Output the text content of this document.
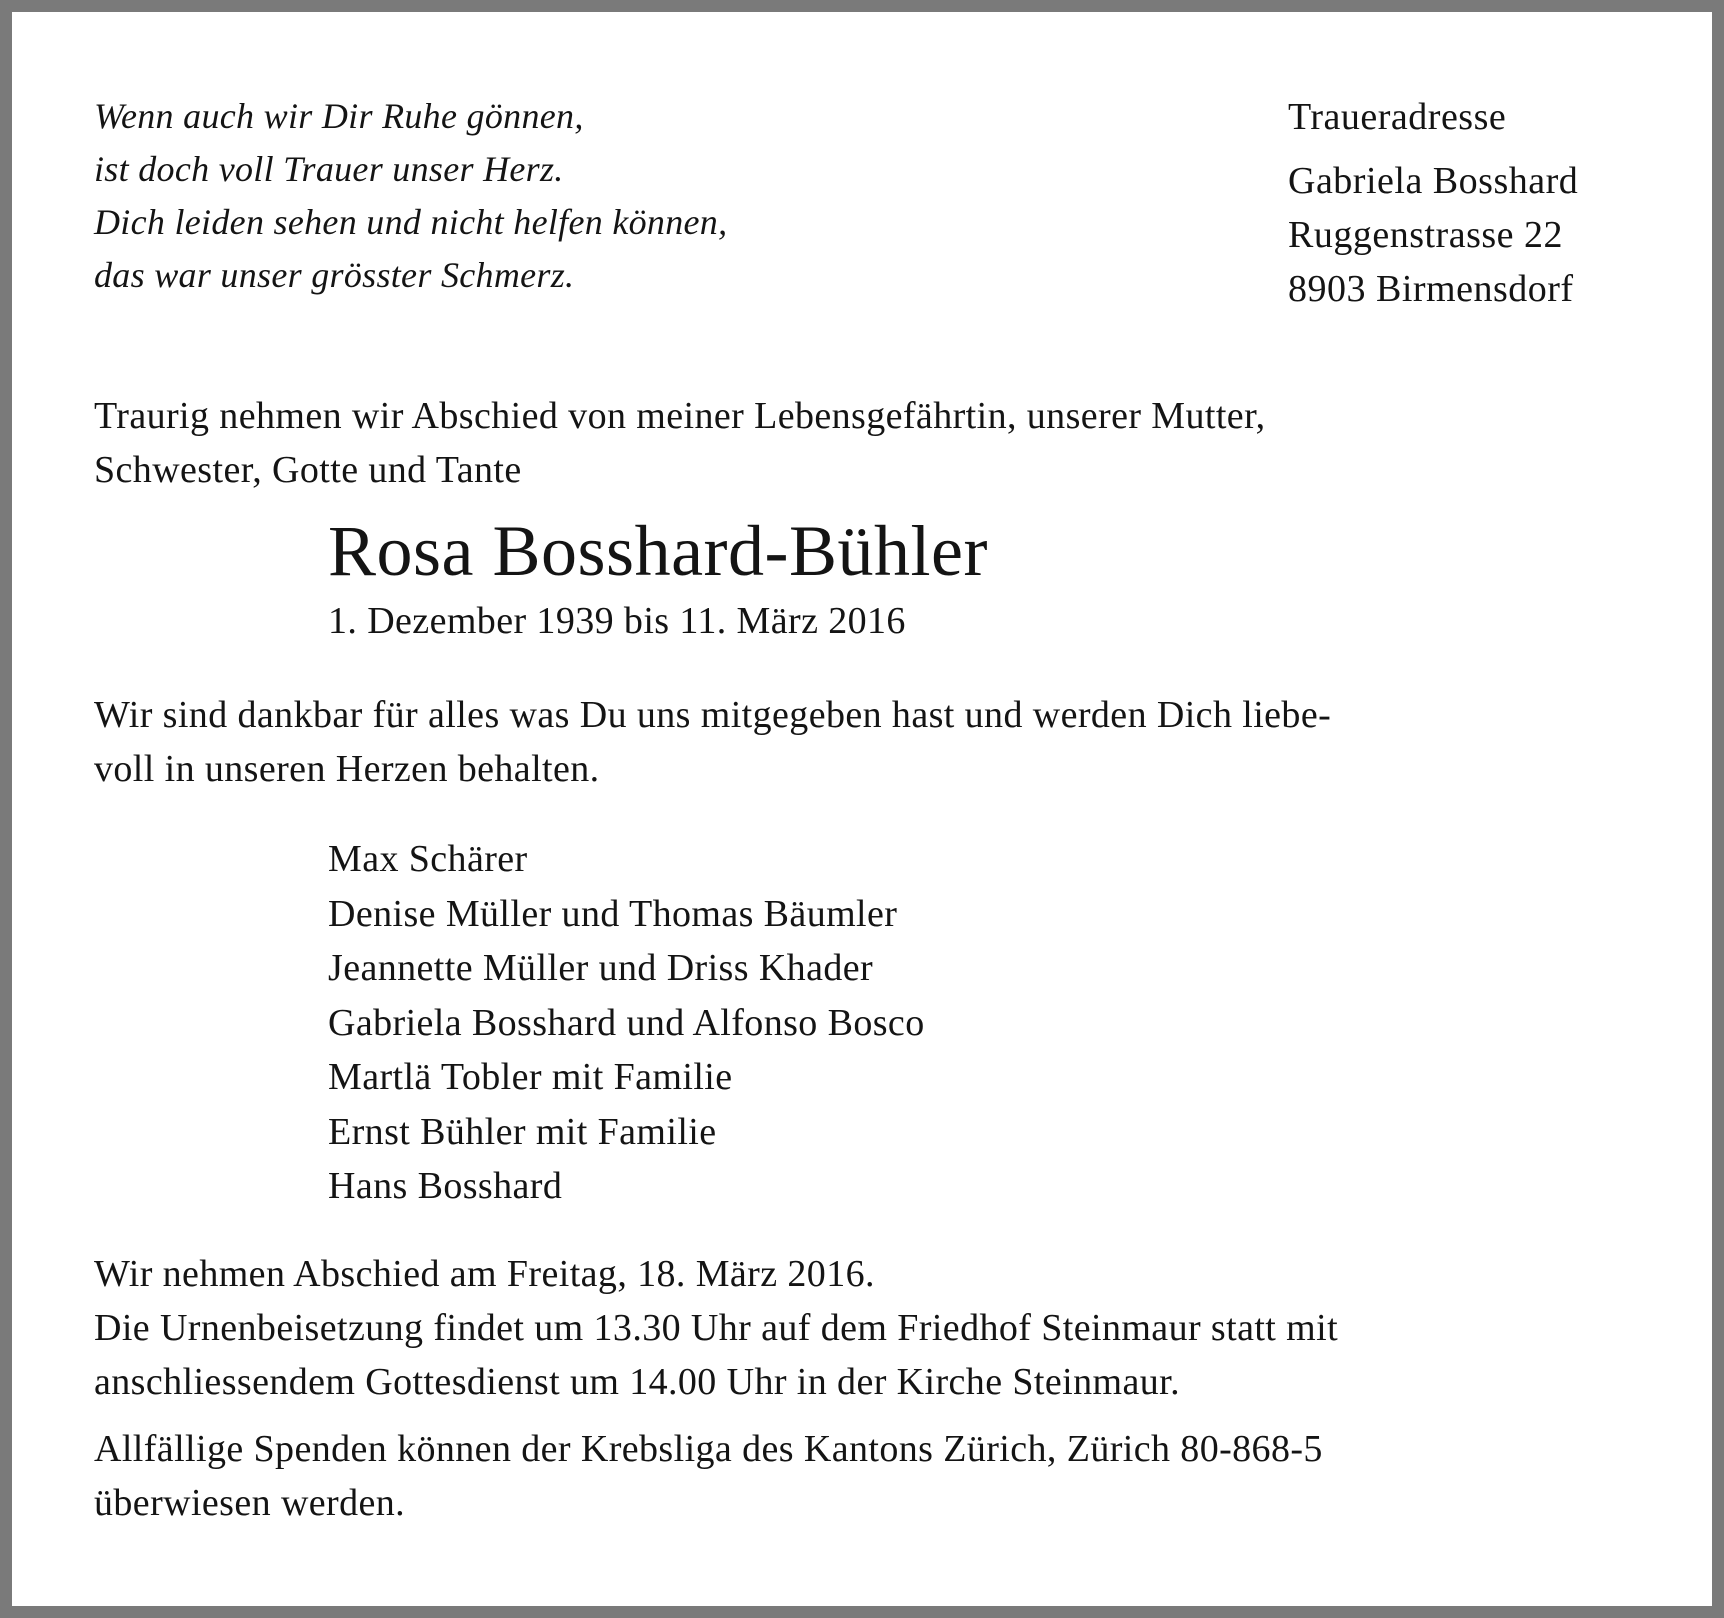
Wenn auch wir Dir Ruhe gönnen,
ist doch voll Trauer unser Herz.
Dich leiden sehen und nicht helfen können,
das war unser grösster Schmerz.
Traueradresse
Gabriela Bosshard
Ruggenstrasse 22
8903 Birmensdorf
Traurig nehmen wir Abschied von meiner Lebensgefährtin, unserer Mutter,
Schwester, Gotte und Tante
Rosa Bosshard-Bühler
1. Dezember 1939 bis 11. März 2016
Wir sind dankbar für alles was Du uns mitgegeben hast und werden Dich liebe-
voll in unseren Herzen behalten.
Max Schärer
Denise Müller und Thomas Bäumler
Jeannette Müller und Driss Khader
Gabriela Bosshard und Alfonso Bosco
Martlä Tobler mit Familie
Ernst Bühler mit Familie
Hans Bosshard
Wir nehmen Abschied am Freitag, 18. März 2016.
Die Urnenbeisetzung findet um 13.30 Uhr auf dem Friedhof Steinmaur statt mit
anschliessendem Gottesdienst um 14.00 Uhr in der Kirche Steinmaur.
Allfällige Spenden können der Krebsliga des Kantons Zürich, Zürich 80-868-5
überwiesen werden.
